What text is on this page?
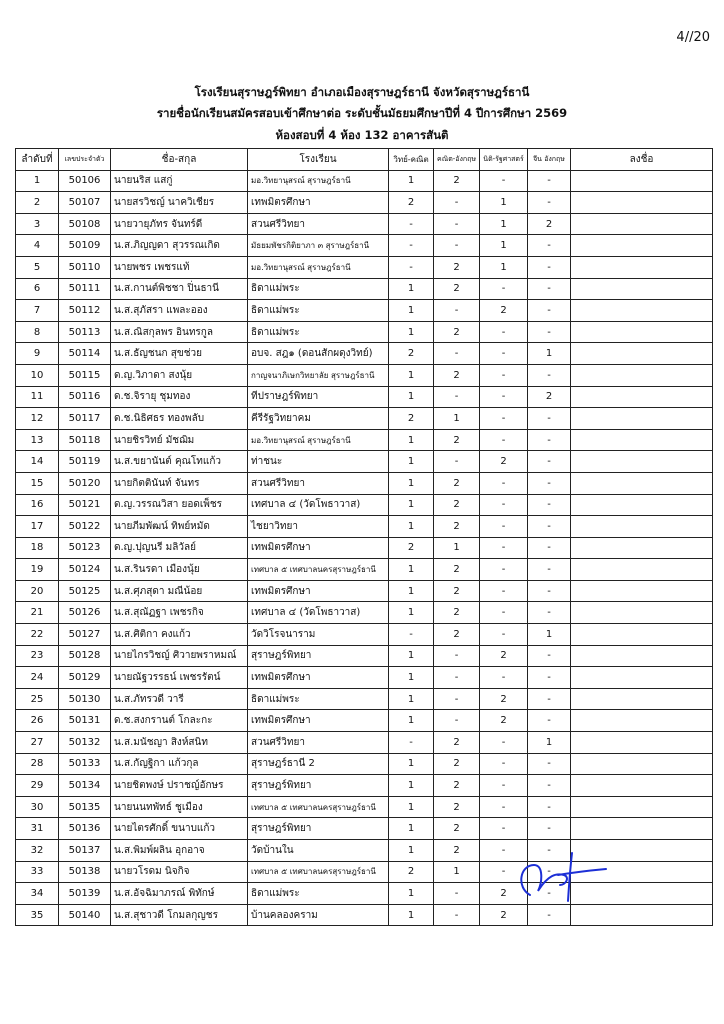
4//20
โรงเรียนสุราษฎร์พิทยา อำเภอเมืองสุราษฎร์ธานี จังหวัดสุราษฎร์ธานี
รายชื่อนักเรียนสมัครสอบเข้าศึกษาต่อ ระดับชั้นมัธยมศึกษาปีที่ 4 ปีการศึกษา 2569
ห้องสอบที่ 4 ห้อง 132 อาคารสันติ
ลำดับที่	เลขประจำตัว	ชื่อ-สกุล	โรงเรียน	วิทย์-คณิต	คณิต-อังกฤษ	นิติ-รัฐศาสตร์	จีน อังกฤษ	ลงชื่อ
1	50106	นายนริส แสกู่	มอ.วิทยานุสรณ์ สุราษฎร์ธานี	1	2	-	-	
2	50107	นายสรวิชญ์ นาควิเชียร	เทพมิตรศึกษา	2	-	1	-	
3	50108	นายวายุภัทร จันทร์ดี	สวนศรีวิทยา	-	-	1	2	
4	50109	น.ส.ภิญญดา สุวรรณเกิด	มัธยมพัชรกิติยาภา ๓ สุราษฎร์ธานี	-	-	1	-	
5	50110	นายพชร เพชรแท้	มอ.วิทยานุสรณ์ สุราษฎร์ธานี	-	2	1	-	
6	50111	น.ส.กานต์พิชชา ปิ่นธานี	ธิดาแม่พระ	1	2	-	-	
7	50112	น.ส.สุภัสรา แพละออง	ธิดาแม่พระ	1	-	2	-	
8	50113	น.ส.ณิสกุลพร อินทรกูล	ธิดาแม่พระ	1	2	-	-	
9	50114	น.ส.ธัญชนก สุขช่วย	อบจ. สฎ๑ (ดอนสักผดุงวิทย์)	2	-	-	1	
10	50115	ด.ญ.วิภาดา สงนุ้ย	กาญจนาภิเษกวิทยาลัย สุราษฎร์ธานี	1	2	-	-	
11	50116	ด.ช.จิรายุ ชุมทอง	ทีปราษฎร์พิทยา	1	-	-	2	
12	50117	ด.ช.นิธิศธร ทองพลับ	คีรีรัฐวิทยาคม	2	1	-	-	
13	50118	นายชิรวิทย์ มัชฌิม	มอ.วิทยานุสรณ์ สุราษฎร์ธานี	1	2	-	-	
14	50119	น.ส.ขยานันต์ คุณโทแก้ว	ท่าชนะ	1	-	2	-	
15	50120	นายกิตตินันท์ จันทร	สวนศรีวิทยา	1	2	-	-	
16	50121	ด.ญ.วรรณวิสา ยอดเพ็ชร	เทศบาล ๔ (วัดโพธาวาส)	1	2	-	-	
17	50122	นายภีมพัฒน์ ทิพย์หมัด	ไชยาวิทยา	1	2	-	-	
18	50123	ด.ญ.ปุญนรี มลิวัลย์	เทพมิตรศึกษา	2	1	-	-	
19	50124	น.ส.รินรดา เมืองนุ้ย	เทศบาล ๕ เทศบาลนครสุราษฎร์ธานี	1	2	-	-	
20	50125	น.ส.ศุภสุดา มณีน้อย	เทพมิตรศึกษา	1	2	-	-	
21	50126	น.ส.สุณัฏฐา เพชรกิจ	เทศบาล ๔ (วัดโพธาวาส)	1	2	-	-	
22	50127	น.ส.ศิติกา คงแก้ว	วัดวิโรจนาราม	-	2	-	1	
23	50128	นายไกรวิชญ์ ศิวายพราหมณ์	สุราษฎร์พิทยา	1	-	2	-	
24	50129	นายณัฐวรรธน์ เพชรรัตน์	เทพมิตรศึกษา	1	-	-	-	
25	50130	น.ส.ภัทรวดี วารี	ธิดาแม่พระ	1	-	2	-	
26	50131	ด.ช.สงกรานต์ โกละกะ	เทพมิตรศึกษา	1	-	2	-	
27	50132	น.ส.มนัชญา สิงห์สนิท	สวนศรีวิทยา	-	2	-	1	
28	50133	น.ส.กัญฐิกา แก้วกุล	สุราษฎร์ธานี 2	1	2	-	-	
29	50134	นายชิตพงษ์ ปราชญ์อักษร	สุราษฎร์พิทยา	1	2	-	-	
30	50135	นายนนทพัทธ์ ชูเมือง	เทศบาล ๕ เทศบาลนครสุราษฎร์ธานี	1	2	-	-	
31	50136	นายไตรศักดิ์ ขนาบแก้ว	สุราษฎร์พิทยา	1	2	-	-	
32	50137	น.ส.พิมพ์ผลิน อุกอาจ	วัดบ้านใน	1	2	-	-	
33	50138	นายวโรดม นิจกิจ	เทศบาล ๕ เทศบาลนครสุราษฎร์ธานี	2	1	-	-	
34	50139	น.ส.อัจฉิมาภรณ์ พิทักษ์	ธิดาแม่พระ	1	-	2	-	
35	50140	น.ส.สุชาวดี โกมลกุญชร	บ้านคลองคราม	1	-	2	-	
